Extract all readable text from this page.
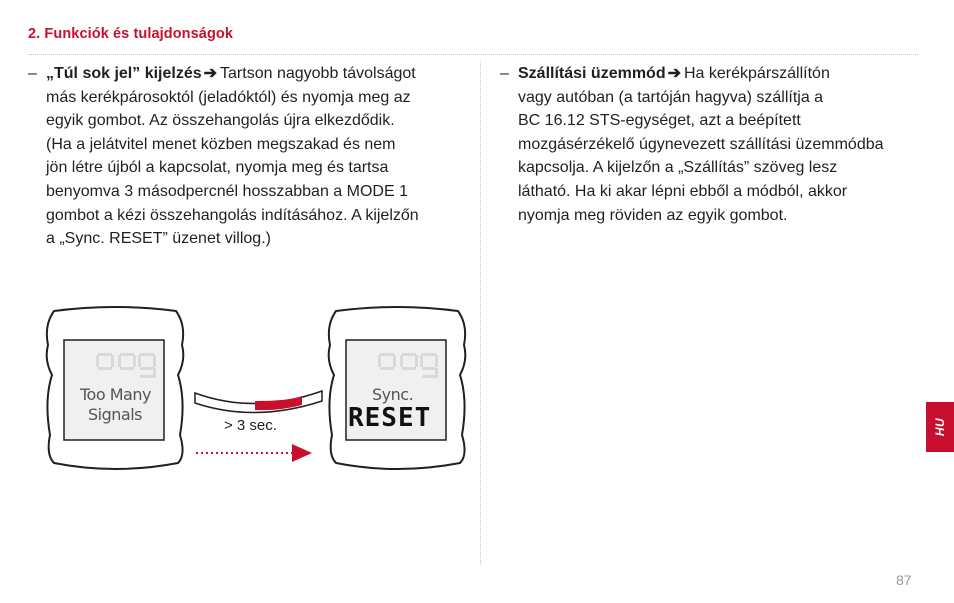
2. Funkciók és tulajdonságok
– „Túl sok jel” kijelzés ➔ Tartson nagyobb távolságot
más kerékpárosoktól (jeladóktól) és nyomja meg az
egyik gombot. Az összehangolás újra elkezdődik.
(Ha a jelátvitel menet közben megszakad és nem
jön létre újból a kapcsolat, nyomja meg és tartsa
benyomva 3 másodpercnél hosszabban a MODE 1
gombot a kézi összehangolás indításához. A kijelzőn
a „Sync. RESET” üzenet villog.)
– Szállítási üzemmód ➔ Ha kerékpárszállítón
vagy autóban (a tartóján hagyva) szállítja a
BC 16.12 STS-egységet, azt a beépített
mozgásérzékelő úgynevezett szállítási üzemmódba
kapcsolja. A kijelzőn a „Szállítás” szöveg lesz
látható. Ha ki akar lépni ebből a módból, akkor
nyomja meg röviden az egyik gombot.
Too Many
Signals
Sync.
RESET
> 3 sec.	HU
87
